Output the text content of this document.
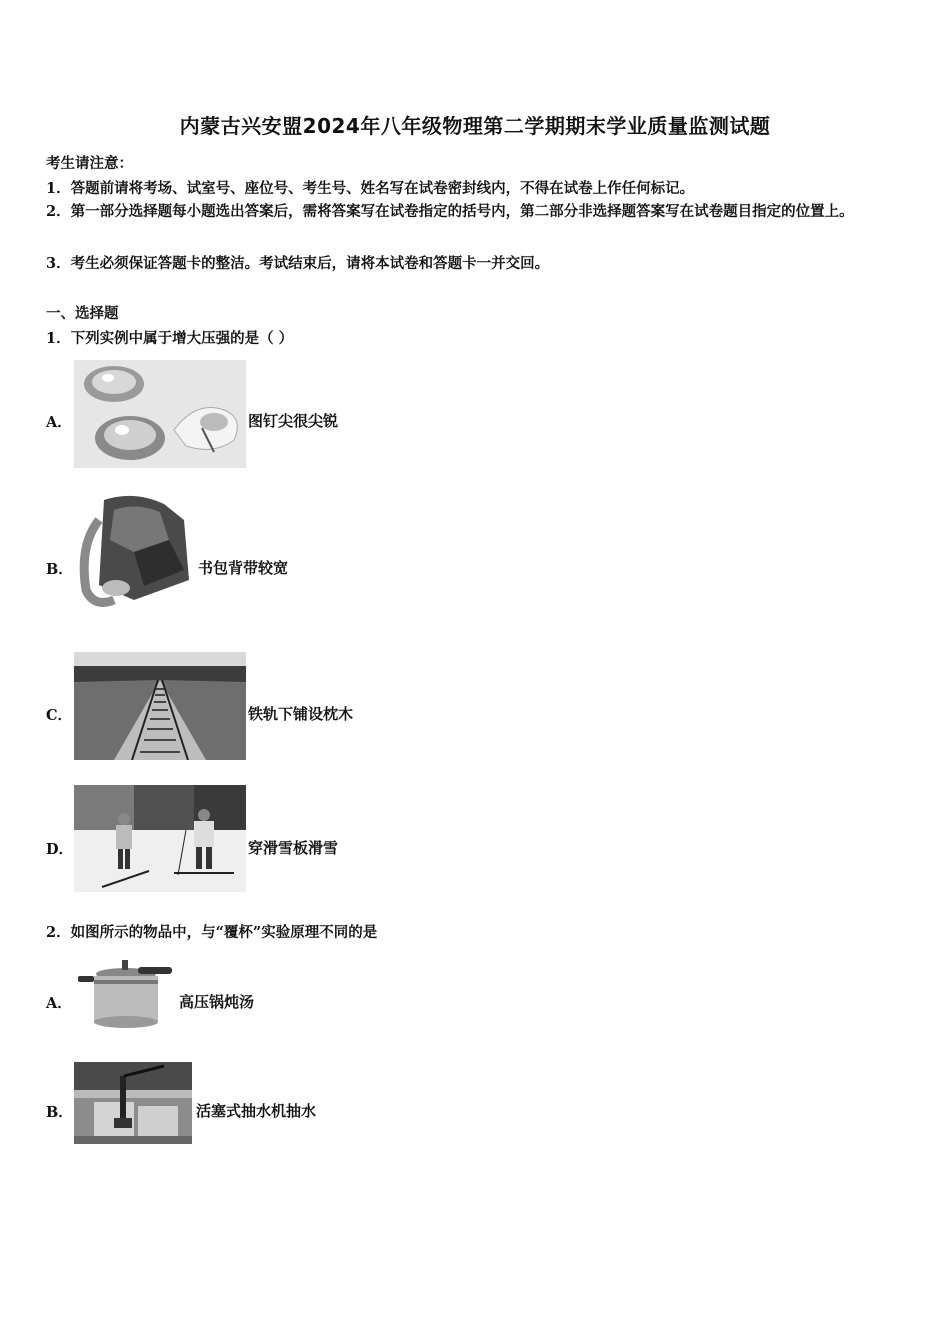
内蒙古兴安盟2024年八年级物理第二学期期末学业质量监测试题
考生请注意：
1．答题前请将考场、试室号、座位号、考生号、姓名写在试卷密封线内，不得在试卷上作任何标记。
2．第一部分选择题每小题选出答案后，需将答案写在试卷指定的括号内，第二部分非选择题答案写在试卷题目指定的位置上。
3．考生必须保证答题卡的整洁。考试结束后，请将本试卷和答题卡一并交回。
一、选择题
1．下列实例中属于增大压强的是（ ）
A．	图钉尖很尖锐
B．	书包背带较宽
C．	铁轨下铺设枕木
D．	穿滑雪板滑雪
2．如图所示的物品中，与“覆杯”实验原理不同的是
A．	高压锅炖汤
B．	活塞式抽水机抽水
